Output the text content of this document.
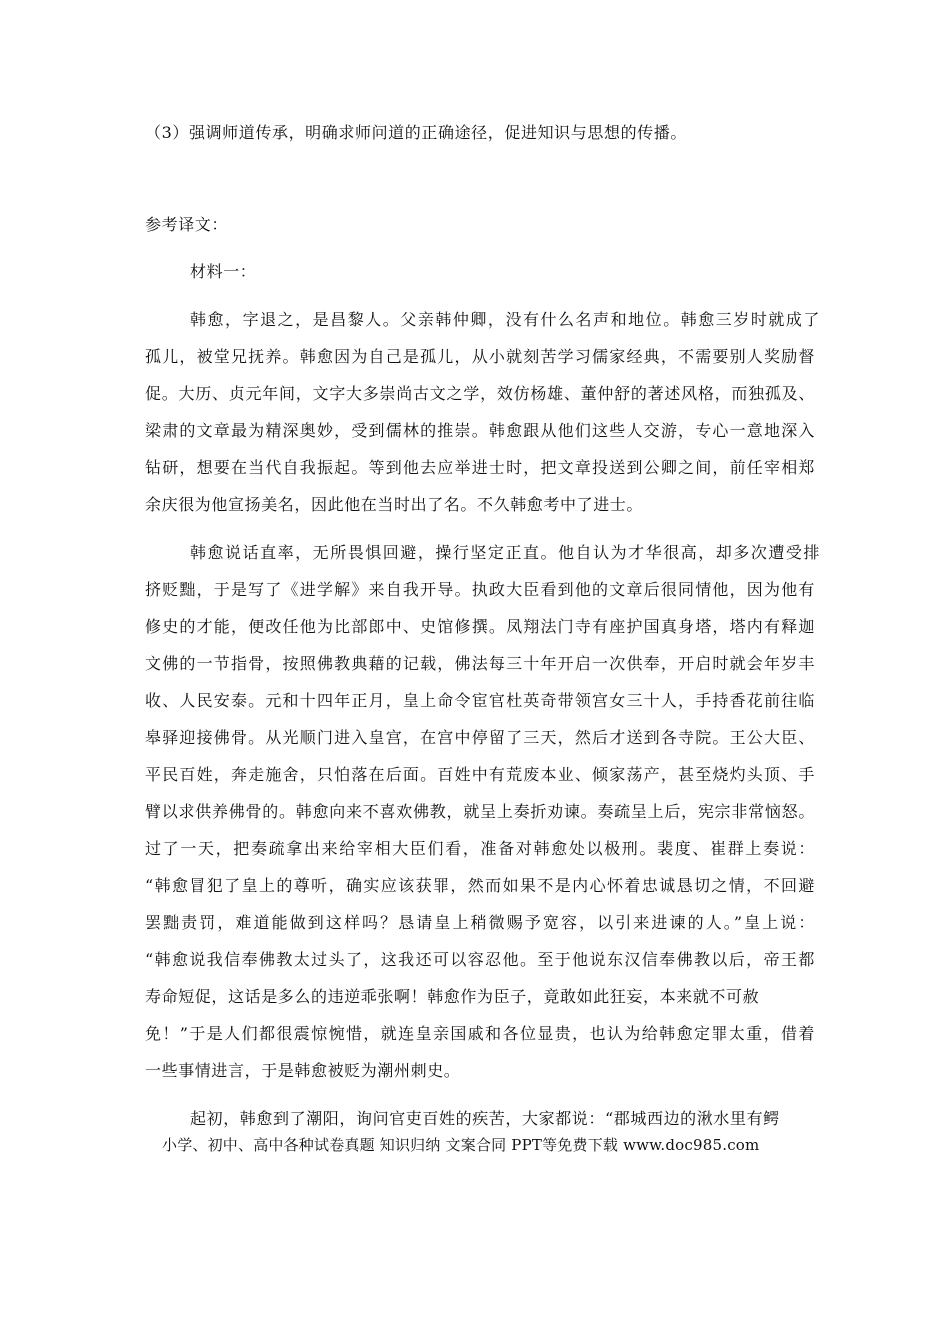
（3）强调师道传承，明确求师问道的正确途径，促进知识与思想的传播。
参考译文：
材料一：
韩愈，字退之，是昌黎人。父亲韩仲卿，没有什么名声和地位。韩愈三岁时就成了
孤儿，被堂兄抚养。韩愈因为自己是孤儿，从小就刻苦学习儒家经典，不需要别人奖励督
促。大历、贞元年间，文字大多崇尚古文之学，效仿杨雄、董仲舒的著述风格，而独孤及、
梁肃的文章最为精深奥妙，受到儒林的推崇。韩愈跟从他们这些人交游，专心一意地深入
钻研，想要在当代自我振起。等到他去应举进士时，把文章投送到公卿之间，前任宰相郑
余庆很为他宣扬美名，因此他在当时出了名。不久韩愈考中了进士。
韩愈说话直率，无所畏惧回避，操行坚定正直。他自认为才华很高，却多次遭受排
挤贬黜，于是写了《进学解》来自我开导。执政大臣看到他的文章后很同情他，因为他有
修史的才能，便改任他为比部郎中、史馆修撰。凤翔法门寺有座护国真身塔，塔内有释迦
文佛的一节指骨，按照佛教典藉的记载，佛法每三十年开启一次供奉，开启时就会年岁丰
收、人民安泰。元和十四年正月，皇上命令宦官杜英奇带领宫女三十人，手持香花前往临
皋驿迎接佛骨。从光顺门进入皇宫，在宫中停留了三天，然后才送到各寺院。王公大臣、
平民百姓，奔走施舍，只怕落在后面。百姓中有荒废本业、倾家荡产，甚至烧灼头顶、手
臂以求供养佛骨的。韩愈向来不喜欢佛教，就呈上奏折劝谏。奏疏呈上后，宪宗非常恼怒。
过了一天，把奏疏拿出来给宰相大臣们看，准备对韩愈处以极刑。裴度、崔群上奏说：
“韩愈冒犯了皇上的尊听，确实应该获罪，然而如果不是内心怀着忠诚恳切之情，不回避
罢黜责罚，难道能做到这样吗？恳请皇上稍微赐予宽容，以引来进谏的人。”皇上说：
“韩愈说我信奉佛教太过头了，这我还可以容忍他。至于他说东汉信奉佛教以后，帝王都
寿命短促，这话是多么的违逆乖张啊！韩愈作为臣子，竟敢如此狂妄，本来就不可赦
免！”于是人们都很震惊惋惜，就连皇亲国戚和各位显贵，也认为给韩愈定罪太重，借着
一些事情进言，于是韩愈被贬为潮州刺史。
起初，韩愈到了潮阳，询问官吏百姓的疾苦，大家都说：“郡城西边的湫水里有鳄
小学、初中、高中各种试卷真题 知识归纳 文案合同 PPT等免费下载 www.doc985.com
